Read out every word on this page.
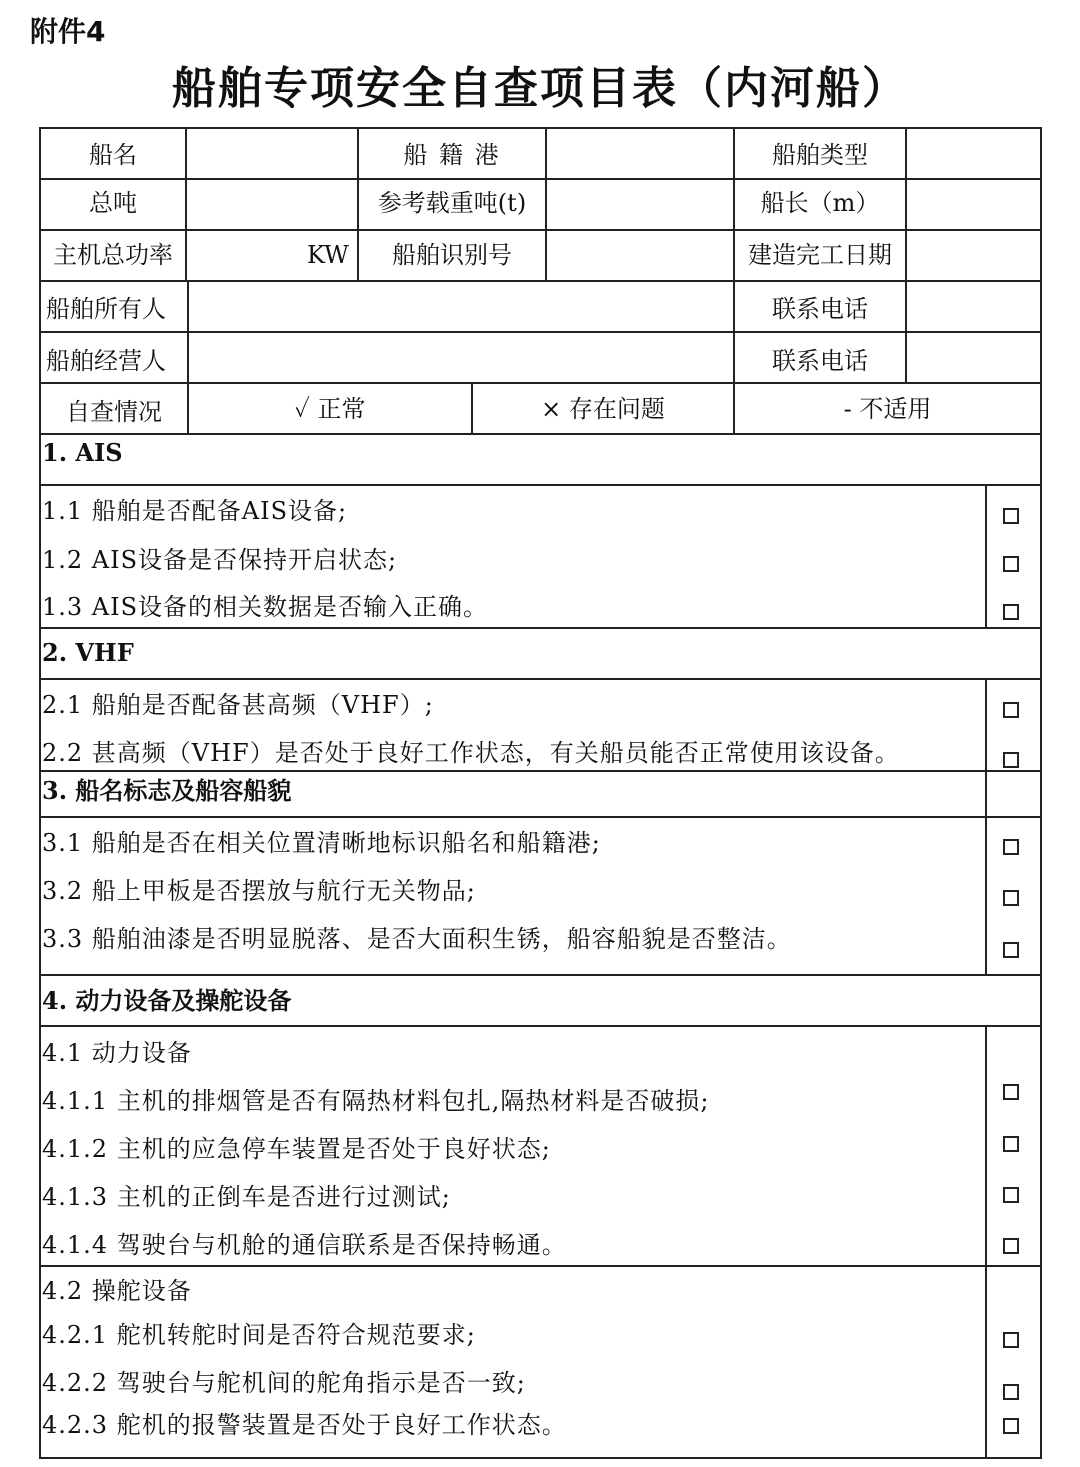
附件4
船舶专项安全自查项目表（内河船）
船名	船 籍 港	船舶类型
总吨	参考载重吨(t)	船长（m）
主机总功率	KW	船舶识别号	建造完工日期
船舶所有人	联系电话
船舶经营人	联系电话
自查情况	✓ 正常	× 存在问题	- 不适用
1. AIS
1.1 船舶是否配备AIS设备;
1.2 AIS设备是否保持开启状态;
1.3 AIS设备的相关数据是否输入正确。
2. VHF
2.1 船舶是否配备甚高频（VHF）;
2.2 甚高频（VHF）是否处于良好工作状态，有关船员能否正常使用该设备。
3. 船名标志及船容船貌
3.1 船舶是否在相关位置清晰地标识船名和船籍港;
3.2 船上甲板是否摆放与航行无关物品;
3.3 船舶油漆是否明显脱落、是否大面积生锈，船容船貌是否整洁。
4. 动力设备及操舵设备
4.1 动力设备
4.1.1 主机的排烟管是否有隔热材料包扎,隔热材料是否破损;
4.1.2 主机的应急停车装置是否处于良好状态;
4.1.3 主机的正倒车是否进行过测试;
4.1.4 驾驶台与机舱的通信联系是否保持畅通。
4.2 操舵设备
4.2.1 舵机转舵时间是否符合规范要求;
4.2.2 驾驶台与舵机间的舵角指示是否一致;
4.2.3 舵机的报警装置是否处于良好工作状态。
